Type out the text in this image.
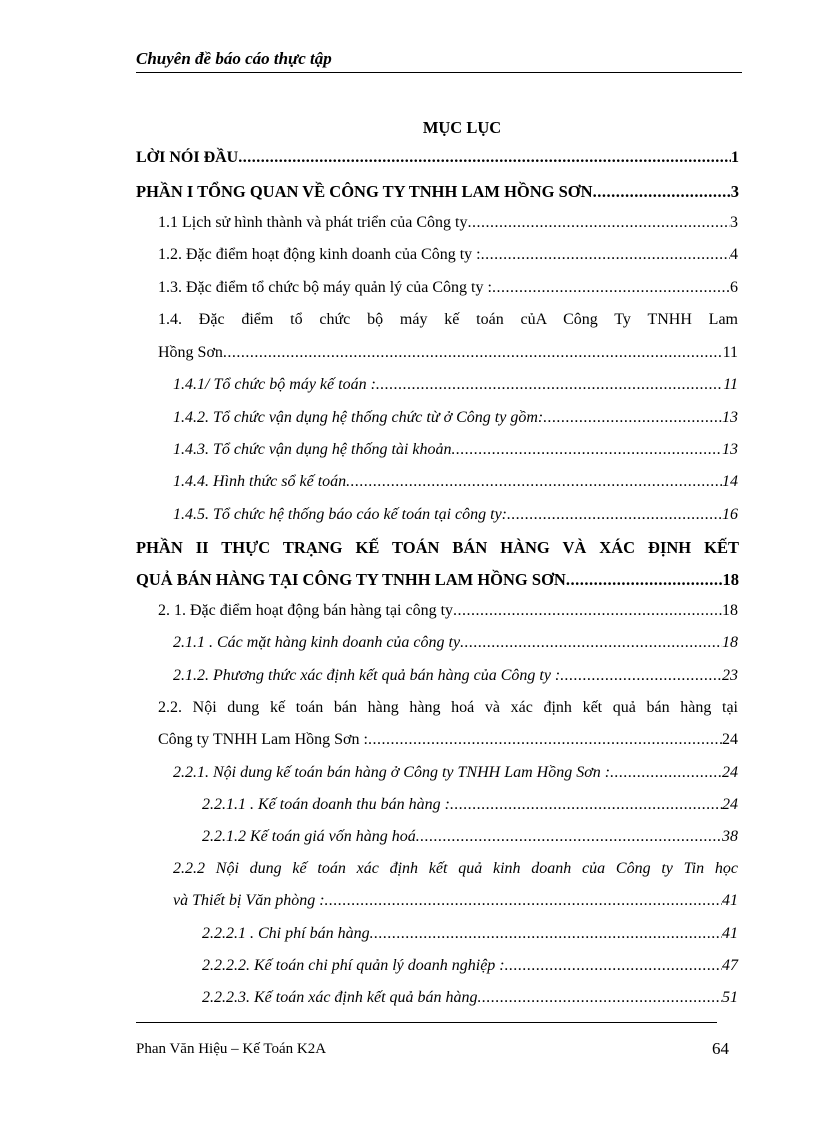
Chuyên đề báo cáo thực tập
MỤC LỤC
LỜI NÓI ĐẦU .....	1
PHẦN I TỔNG QUAN VỀ CÔNG TY TNHH LAM HỒNG SƠN .....	3
1.1 Lịch sử hình thành và phát triển của Công ty .....	3
1.2. Đặc điểm hoạt động kinh doanh của Công ty : .....	4
1.3. Đặc điểm tổ chức bộ máy quản lý của Công ty : .....	6
1.4. Đặc điểm tổ chức bộ máy kế toán củA Công Ty TNHH Lam
Hồng Sơn .....	11
1.4.1/ Tổ chức bộ máy kế toán : .....	11
1.4.2. Tổ chức vận dụng hệ thống chức từ ở Công ty gồm: .....	13
1.4.3. Tổ chức vận dụng hệ thống tài khoản .....	13
1.4.4. Hình thức sổ kế toán .....	14
1.4.5. Tổ chức hệ thống báo cáo kế toán tại công ty: .....	16
PHẦN II THỰC TRẠNG KẾ TOÁN BÁN HÀNG VÀ XÁC ĐỊNH KẾT
QUẢ BÁN HÀNG TẠI CÔNG TY TNHH LAM HỒNG SƠN .....	18
2. 1. Đặc điểm hoạt động bán hàng tại công ty .....	18
2.1.1 . Các mặt hàng kinh doanh của công ty .....	18
2.1.2. Phương thức xác định kết quả bán hàng của Công ty : .....	23
2.2. Nội dung kế toán bán hàng hàng hoá và xác định kết quả bán hàng tại
Công ty TNHH Lam Hồng Sơn : .....	24
2.2.1. Nội dung kế toán bán hàng ở Công ty TNHH Lam Hồng Sơn : .....	24
2.2.1.1 . Kế toán doanh thu bán hàng : .....	24
2.2.1.2 Kế toán giá vốn hàng hoá .....	38
2.2.2 Nội dung kế toán xác định kết quả kinh doanh của Công ty Tin học
và Thiết bị Văn phòng : .....	41
2.2.2.1 . Chi phí bán hàng .....	41
2.2.2.2. Kế toán chi phí quản lý doanh nghiệp : .....	47
2.2.2.3. Kế toán xác định kết quả bán hàng .....	51
Phan Văn Hiệu – Kế Toán K2A	64
